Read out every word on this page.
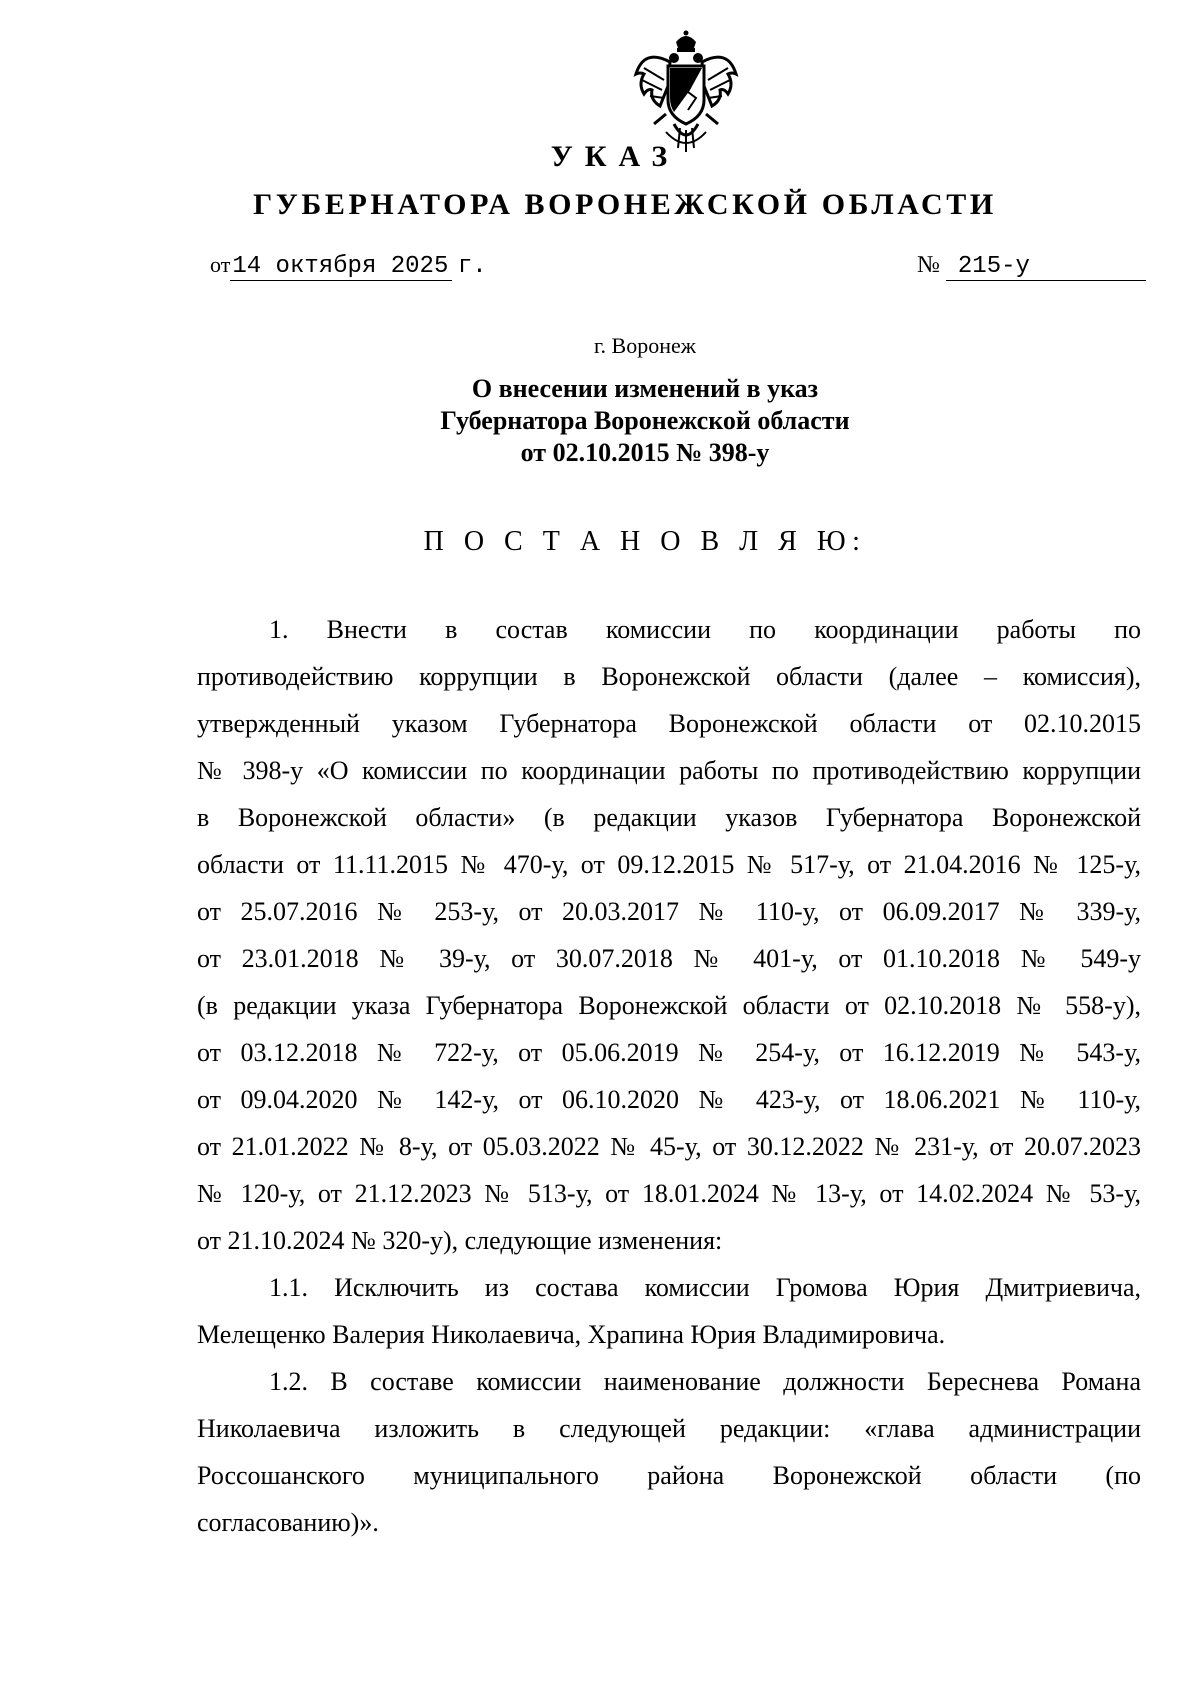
УКАЗ
ГУБЕРНАТОРА ВОРОНЕЖСКОЙ ОБЛАСТИ
от14 октября 2025 г.	№ 215-у
г. Воронеж
О внесении изменений в указ
Губернатора Воронежской области
от 02.10.2015 № 398-у
П О С Т А Н О В Л Я Ю:
1. Внести в состав комиссии по координации работы по
противодействию коррупции в Воронежской области (далее – комиссия),
утвержденный указом Губернатора Воронежской области от 02.10.2015
№ 398-у «О комиссии по координации работы по противодействию коррупции
в Воронежской области» (в редакции указов Губернатора Воронежской
области от 11.11.2015 № 470-у, от 09.12.2015 № 517-у, от 21.04.2016 № 125-у,
от 25.07.2016 № 253-у, от 20.03.2017 № 110-у, от 06.09.2017 № 339-у,
от 23.01.2018 № 39-у, от 30.07.2018 № 401-у, от 01.10.2018 № 549-у
(в редакции указа Губернатора Воронежской области от 02.10.2018 № 558-у),
от 03.12.2018 № 722-у, от 05.06.2019 № 254-у, от 16.12.2019 № 543-у,
от 09.04.2020 № 142-у, от 06.10.2020 № 423-у, от 18.06.2021 № 110-у,
от 21.01.2022 № 8-у, от 05.03.2022 № 45-у, от 30.12.2022 № 231-у, от 20.07.2023
№ 120-у, от 21.12.2023 № 513-у, от 18.01.2024 № 13-у, от 14.02.2024 № 53-у,
от 21.10.2024 № 320-у), следующие изменения:
1.1. Исключить из состава комиссии Громова Юрия Дмитриевича,
Мелещенко Валерия Николаевича, Храпина Юрия Владимировича.
1.2. В составе комиссии наименование должности Береснева Романа
Николаевича изложить в следующей редакции: «глава администрации
Россошанского муниципального района Воронежской области (по
согласованию)».
